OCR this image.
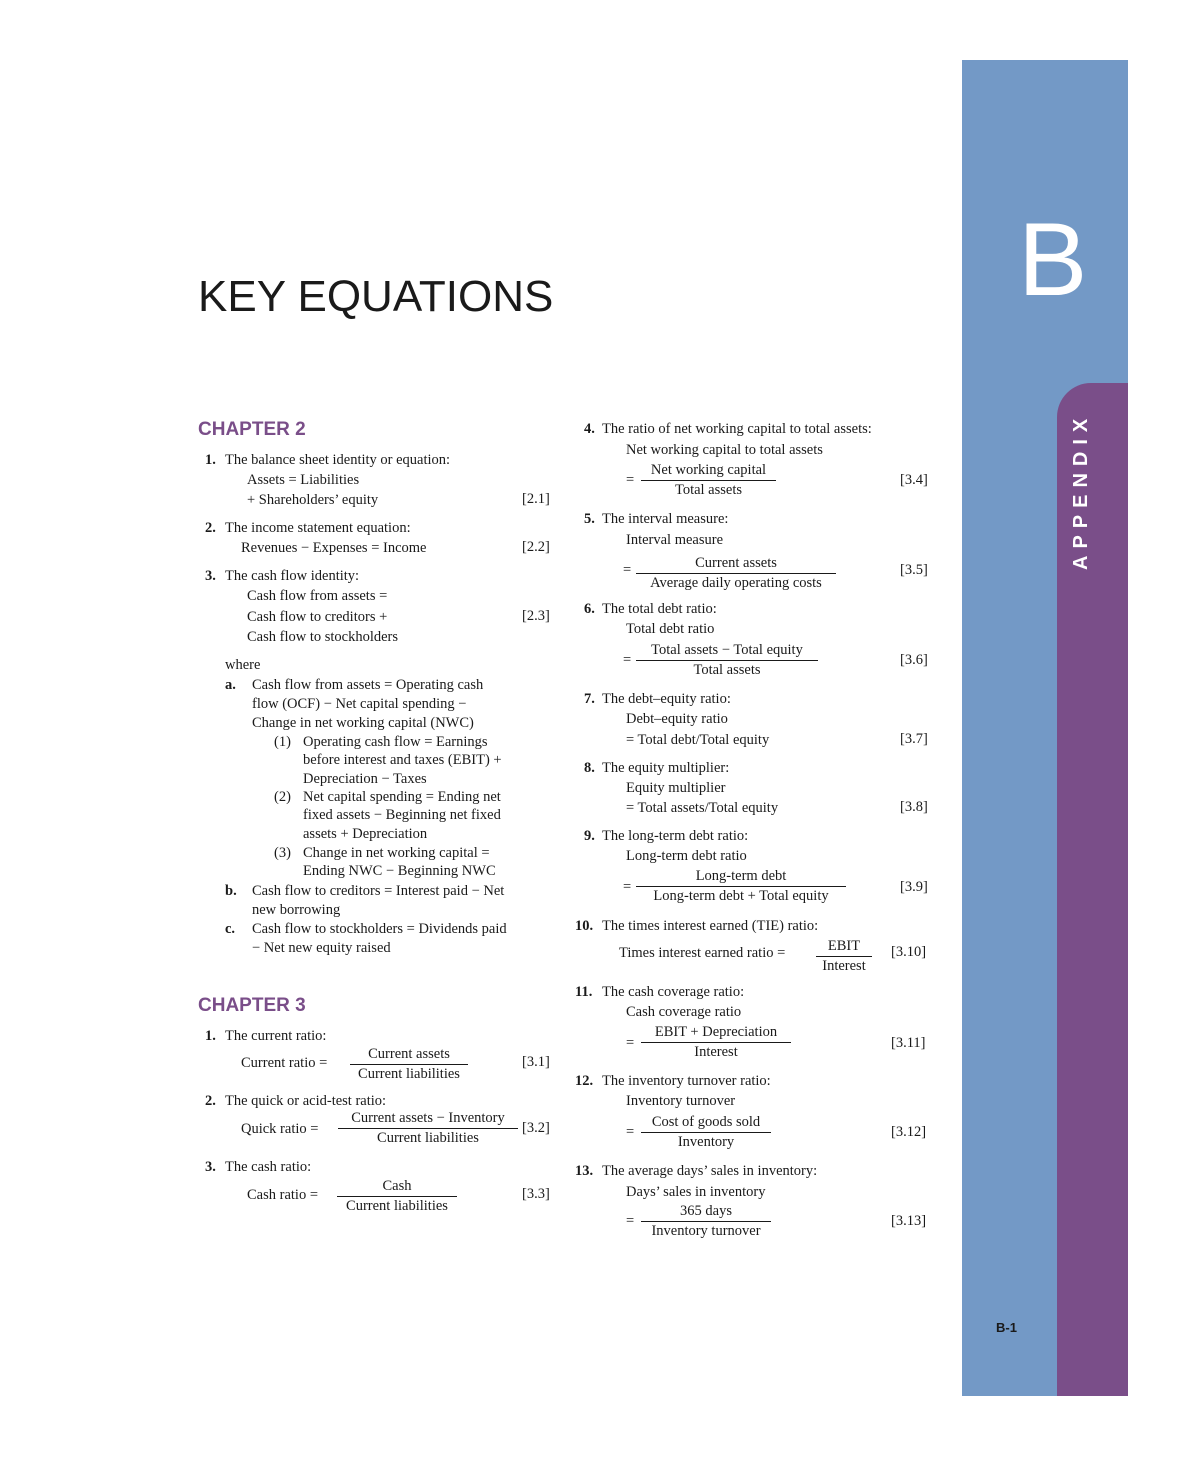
B
APPENDIX
B-1
KEY EQUATIONS
CHAPTER 2
1. The balance sheet identity or equation:
Assets = Liabilities
+ Shareholders’ equity	[2.1]
2. The income statement equation:
Revenues − Expenses = Income	[2.2]
3. The cash flow identity:
Cash flow from assets =
Cash flow to creditors +	[2.3]
Cash flow to stockholders
where
a. Cash flow from assets = Operating cash
flow (OCF) − Net capital spending −
Change in net working capital (NWC)
(1) Operating cash flow = Earnings
before interest and taxes (EBIT) +
Depreciation − Taxes
(2) Net capital spending = Ending net
fixed assets − Beginning net fixed
assets + Depreciation
(3) Change in net working capital =
Ending NWC − Beginning NWC
b. Cash flow to creditors = Interest paid − Net
new borrowing
c. Cash flow to stockholders = Dividends paid
− Net new equity raised
CHAPTER 3
1. The current ratio:
Current ratio =
Current assets
Current liabilities
[3.1]
2. The quick or acid-test ratio:
Quick ratio =
Current assets − Inventory
Current liabilities
[3.2]
3. The cash ratio:
Cash ratio =
Cash
Current liabilities
[3.3]
4. The ratio of net working capital to total assets:
Net working capital to total assets
=
Net working capital
Total assets
[3.4]
5. The interval measure:
Interval measure
=	Current assets
Average daily operating costs
[3.5]
6. The total debt ratio:
Total debt ratio
=
Total assets − Total equity
Total assets
[3.6]
7. The debt–equity ratio:
Debt–equity ratio
= Total debt/Total equity	[3.7]
8. The equity multiplier:
Equity multiplier
= Total assets/Total equity	[3.8]
9. The long-term debt ratio:
Long-term debt ratio
=
Long-term debt
Long-term debt + Total equity
[3.9]
10. The times interest earned (TIE) ratio:
Times interest earned ratio =	EBIT
Interest
[3.10]
11. The cash coverage ratio:
Cash coverage ratio
=
EBIT + Depreciation
Interest
[3.11]
12. The inventory turnover ratio:
Inventory turnover
=
Cost of goods sold
Inventory
[3.12]
13. The average days’ sales in inventory:
Days’ sales in inventory
=
365 days
Inventory turnover
[3.13]
